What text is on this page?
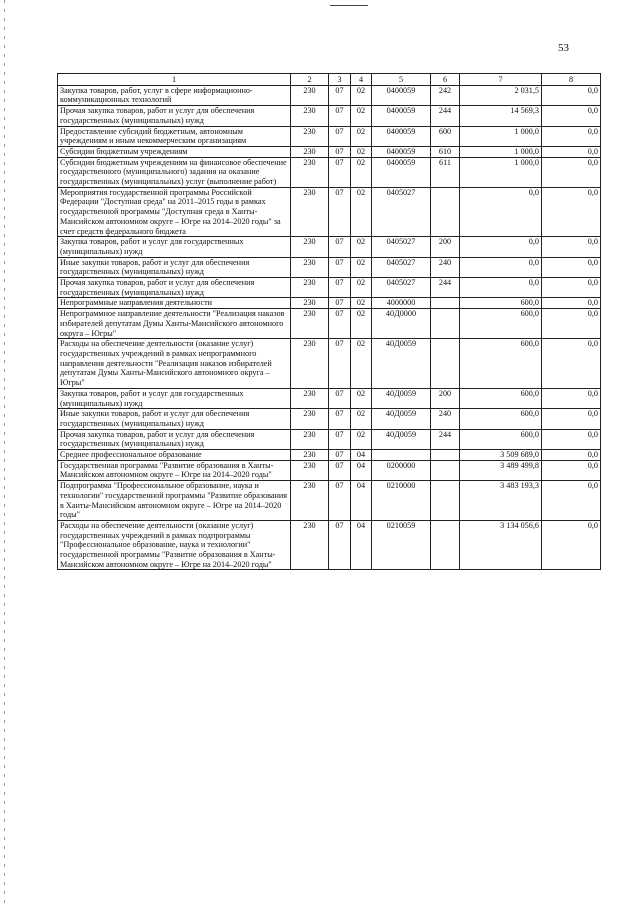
53
1	2	3	4	5	6	7	8
Закупка товаров, работ, услуг в сфере информационно-коммуникационных технологий	230	07	02	0400059	242	2 031,5	0,0
Прочая закупка товаров, работ и услуг для обеспечения государственных (муниципальных) нужд	230	07	02	0400059	244	14 569,3	0,0
Предоставление субсидий бюджетным, автономным учреждениям и иным некоммерческим организациям	230	07	02	0400059	600	1 000,0	0,0
Субсидии бюджетным учреждениям	230	07	02	0400059	610	1 000,0	0,0
Субсидии бюджетным учреждениям на финансовое обеспечение государственного (муниципального) задания на оказание государственных (муниципальных) услуг (выполнение работ)	230	07	02	0400059	611	1 000,0	0,0
Мероприятия государственной программы Российской Федерации "Доступная среда" на 2011–2015 годы в рамках государственной программы "Доступная среда в Ханты-Мансийском автономном округе – Югре на 2014–2020 годы" за счет средств федерального бюджета	230	07	02	0405027		0,0	0,0
Закупка товаров, работ и услуг для государственных (муниципальных) нужд	230	07	02	0405027	200	0,0	0,0
Иные закупки товаров, работ и услуг для обеспечения государственных (муниципальных) нужд	230	07	02	0405027	240	0,0	0,0
Прочая закупка товаров, работ и услуг для обеспечения государственных (муниципальных) нужд	230	07	02	0405027	244	0,0	0,0
Непрограммные направления деятельности	230	07	02	4000000		600,0	0,0
Непрограммное направление деятельности "Реализация наказов избирателей депутатам Думы Ханты-Мансийского автономного округа – Югры"	230	07	02	40Д0000		600,0	0,0
Расходы на обеспечение деятельности (оказание услуг) государственных учреждений в рамках непрограммного направления деятельности "Реализация наказов избирателей депутатам Думы Ханты-Мансийского автономного округа – Югры"	230	07	02	40Д0059		600,0	0,0
Закупка товаров, работ и услуг для государственных (муниципальных) нужд	230	07	02	40Д0059	200	600,0	0,0
Иные закупки товаров, работ и услуг для обеспечения государственных (муниципальных) нужд	230	07	02	40Д0059	240	600,0	0,0
Прочая закупка товаров, работ и услуг для обеспечения государственных (муниципальных) нужд	230	07	02	40Д0059	244	600,0	0,0
Среднее профессиональное образование	230	07	04			3 509 689,0	0,0
Государственная программа "Развитие образования в Ханты-Мансийском автономном округе – Югре на 2014–2020 годы"	230	07	04	0200000		3 489 499,8	0,0
Подпрограмма "Профессиональное образование, наука и технологии" государственной программы "Развитие образования в Ханты-Мансийском автономном округе – Югре на 2014–2020 годы"	230	07	04	0210000		3 483 193,3	0,0
Расходы на обеспечение деятельности (оказание услуг) государственных учреждений в рамках подпрограммы "Профессиональное образование, наука и технологии" государственной программы "Развитие образования в Ханты-Мансийском автономном округе – Югре на 2014–2020 годы"	230	07	04	0210059		3 134 056,6	0,0
